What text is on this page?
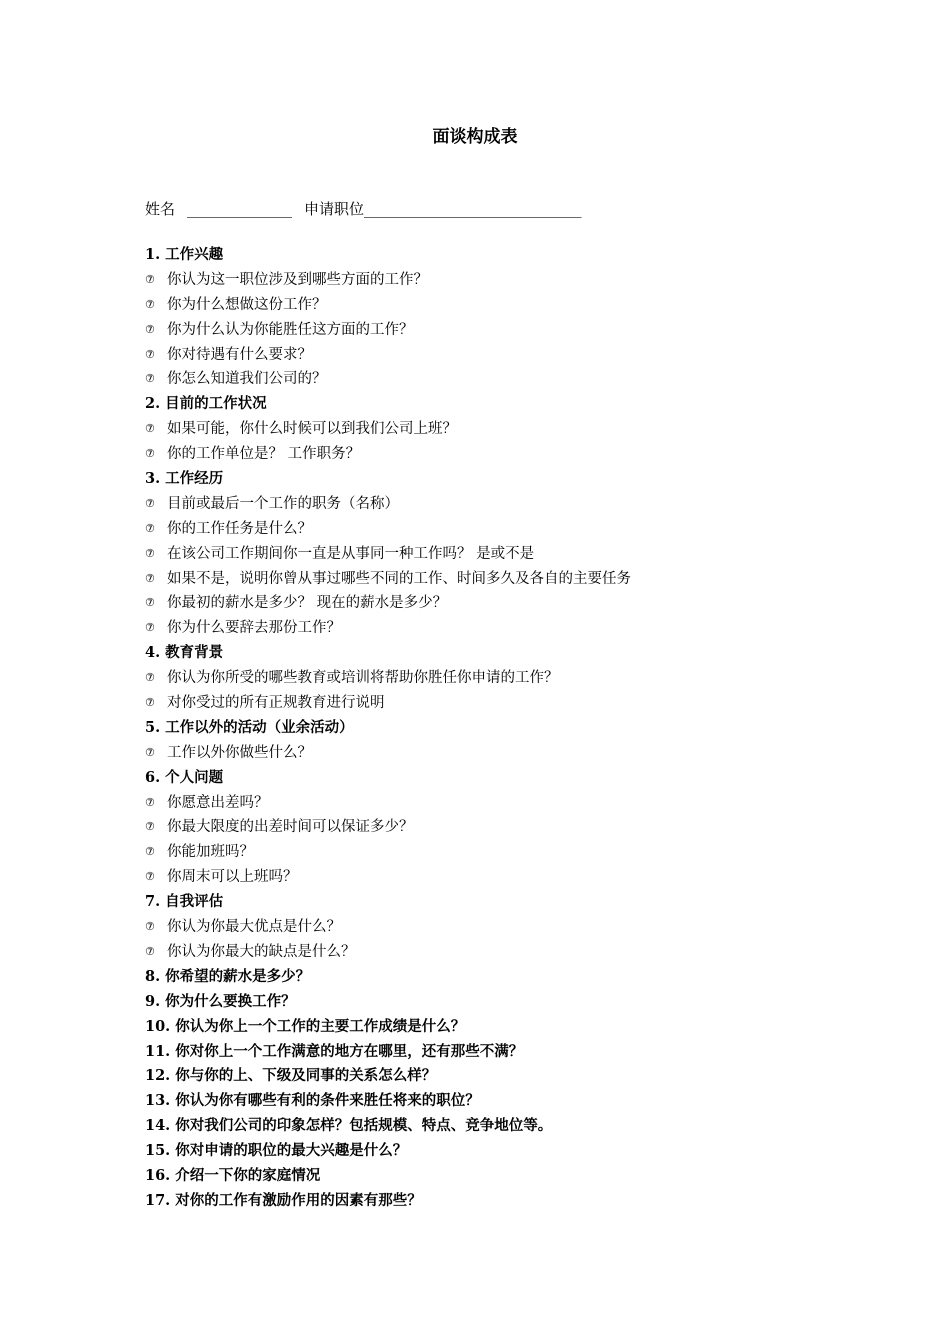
面谈构成表
姓名 ______________ 申请职位_____________________________
1. 工作兴趣
⑦ 你认为这一职位涉及到哪些方面的工作？
⑦ 你为什么想做这份工作？
⑦ 你为什么认为你能胜任这方面的工作？
⑦ 你对待遇有什么要求？
⑦ 你怎么知道我们公司的？
2. 目前的工作状况
⑦ 如果可能，你什么时候可以到我们公司上班？
⑦ 你的工作单位是？ 工作职务？
3. 工作经历
⑦ 目前或最后一个工作的职务（名称）
⑦ 你的工作任务是什么？
⑦ 在该公司工作期间你一直是从事同一种工作吗？ 是或不是
⑦ 如果不是，说明你曾从事过哪些不同的工作、时间多久及各自的主要任务
⑦ 你最初的薪水是多少？ 现在的薪水是多少？
⑦ 你为什么要辞去那份工作？
4. 教育背景
⑦ 你认为你所受的哪些教育或培训将帮助你胜任你申请的工作？
⑦ 对你受过的所有正规教育进行说明
5. 工作以外的活动（业余活动）
⑦ 工作以外你做些什么？
6. 个人问题
⑦ 你愿意出差吗？
⑦ 你最大限度的出差时间可以保证多少？
⑦ 你能加班吗？
⑦ 你周末可以上班吗？
7. 自我评估
⑦ 你认为你最大优点是什么？
⑦ 你认为你最大的缺点是什么？
8. 你希望的薪水是多少？
9. 你为什么要换工作？
10. 你认为你上一个工作的主要工作成绩是什么？
11. 你对你上一个工作满意的地方在哪里，还有那些不满？
12. 你与你的上、下级及同事的关系怎么样？
13. 你认为你有哪些有利的条件来胜任将来的职位？
14. 你对我们公司的印象怎样？包括规模、特点、竞争地位等。
15. 你对申请的职位的最大兴趣是什么？
16. 介绍一下你的家庭情况
17. 对你的工作有激励作用的因素有那些？
